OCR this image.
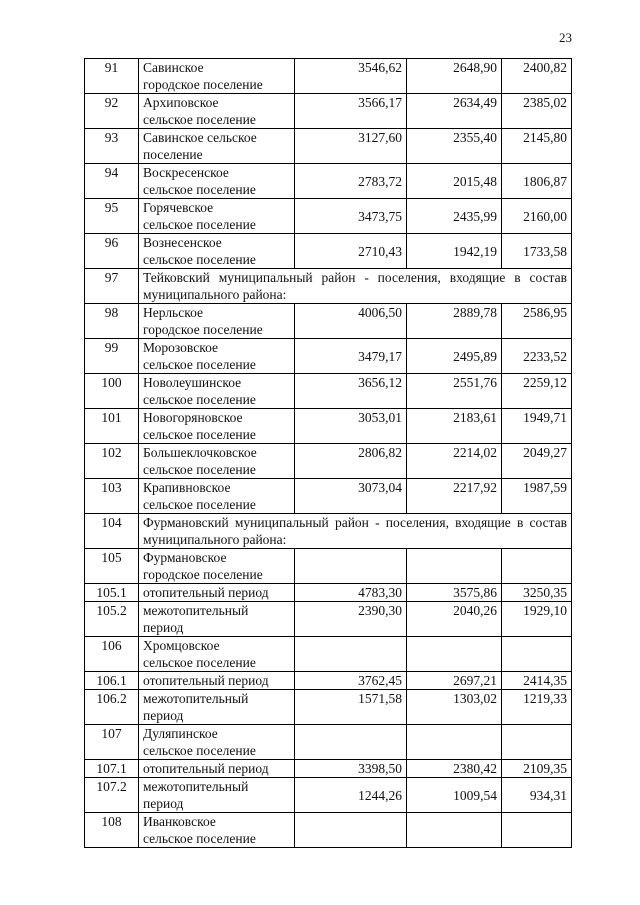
23
91	Савинское
городское поселение	3546,62	2648,90	2400,82
92	Архиповское
сельское поселение	3566,17	2634,49	2385,02
93	Савинское сельское
поселение	3127,60	2355,40	2145,80
94	Воскресенское
сельское поселение	2783,72	2015,48	1806,87
95	Горячевское
сельское поселение	3473,75	2435,99	2160,00
96	Вознесенское
сельское поселение	2710,43	1942,19	1733,58
97	Тейковский муниципальный район - поселения, входящие в состав муниципального района:			
98	Нерльское
городское поселение	4006,50	2889,78	2586,95
99	Морозовское
сельское поселение	3479,17	2495,89	2233,52
100	Новолеушинское
сельское поселение	3656,12	2551,76	2259,12
101	Новогоряновское
сельское поселение	3053,01	2183,61	1949,71
102	Большеклочковское
сельское поселение	2806,82	2214,02	2049,27
103	Крапивновское
сельское поселение	3073,04	2217,92	1987,59
104	Фурмановский муниципальный район - поселения, входящие в состав муниципального района:			
105	Фурмановское
городское поселение			

105.1	отопительный период	4783,30	3575,86	3250,35
105.2	межотопительный
период	2390,30	2040,26	1929,10
106	Хромцовское
сельское поселение			

106.1	отопительный период	3762,45	2697,21	2414,35
106.2	межотопительный
период	1571,58	1303,02	1219,33
107	Дуляпинское
сельское поселение			

107.1	отопительный период	3398,50	2380,42	2109,35
107.2	межотопительный
период	1244,26	1009,54	934,31
108	Иванковское
сельское поселение			
